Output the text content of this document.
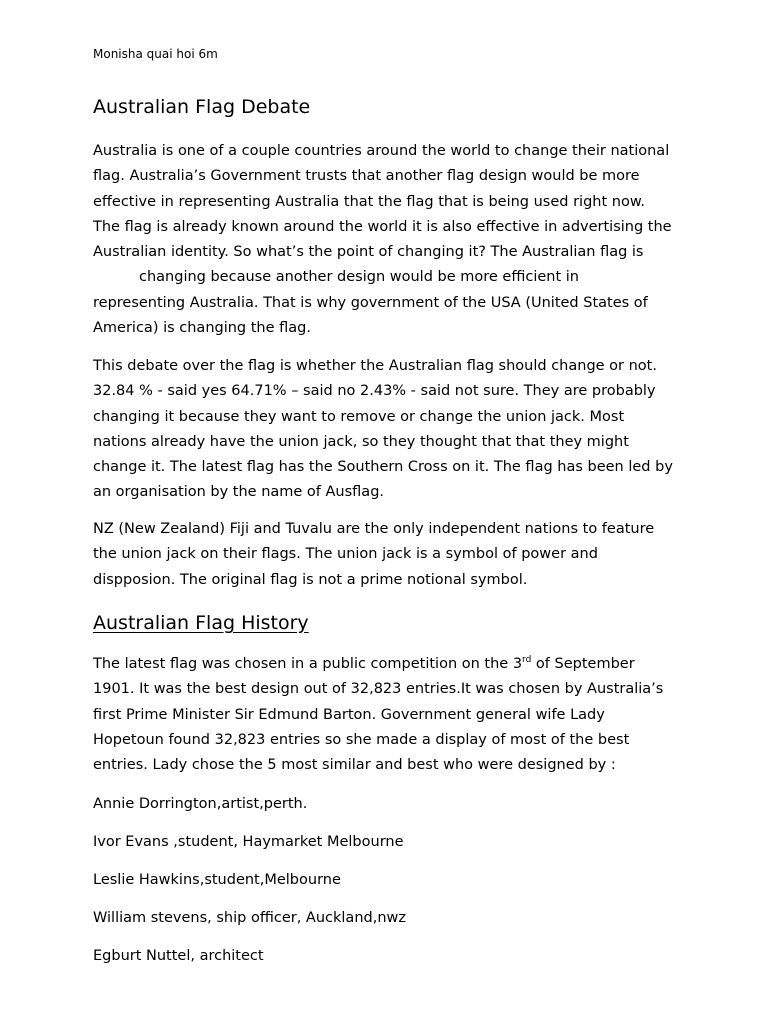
Monisha quai hoi 6m
Australian Flag Debate
Australia is one of a couple countries around the world to change their national
flag. Australia’s Government trusts that another flag design would be more
effective in representing Australia that the flag that is being used right now.
The flag is already known around the world it is also effective in advertising the
Australian identity. So what’s the point of changing it? The Australian flag is
changing because another design would be more efficient in
representing Australia. That is why government of the USA (United States of
America) is changing the flag.
This debate over the flag is whether the Australian flag should change or not.
32.84 % - said yes 64.71% – said no 2.43% - said not sure. They are probably
changing it because they want to remove or change the union jack. Most
nations already have the union jack, so they thought that that they might
change it. The latest flag has the Southern Cross on it. The flag has been led by
an organisation by the name of Ausflag.
NZ (New Zealand) Fiji and Tuvalu are the only independent nations to feature
the union jack on their flags. The union jack is a symbol of power and
dispposion. The original flag is not a prime notional symbol.
Australian Flag History
The latest flag was chosen in a public competition on the 3rd of September
1901. It was the best design out of 32,823 entries.It was chosen by Australia’s
first Prime Minister Sir Edmund Barton. Government general wife Lady
Hopetoun found 32,823 entries so she made a display of most of the best
entries. Lady chose the 5 most similar and best who were designed by :
Annie Dorrington,artist,perth.
Ivor Evans ,student, Haymarket Melbourne
Leslie Hawkins,student,Melbourne
William stevens, ship officer, Auckland,nwz
Egburt Nuttel, architect
